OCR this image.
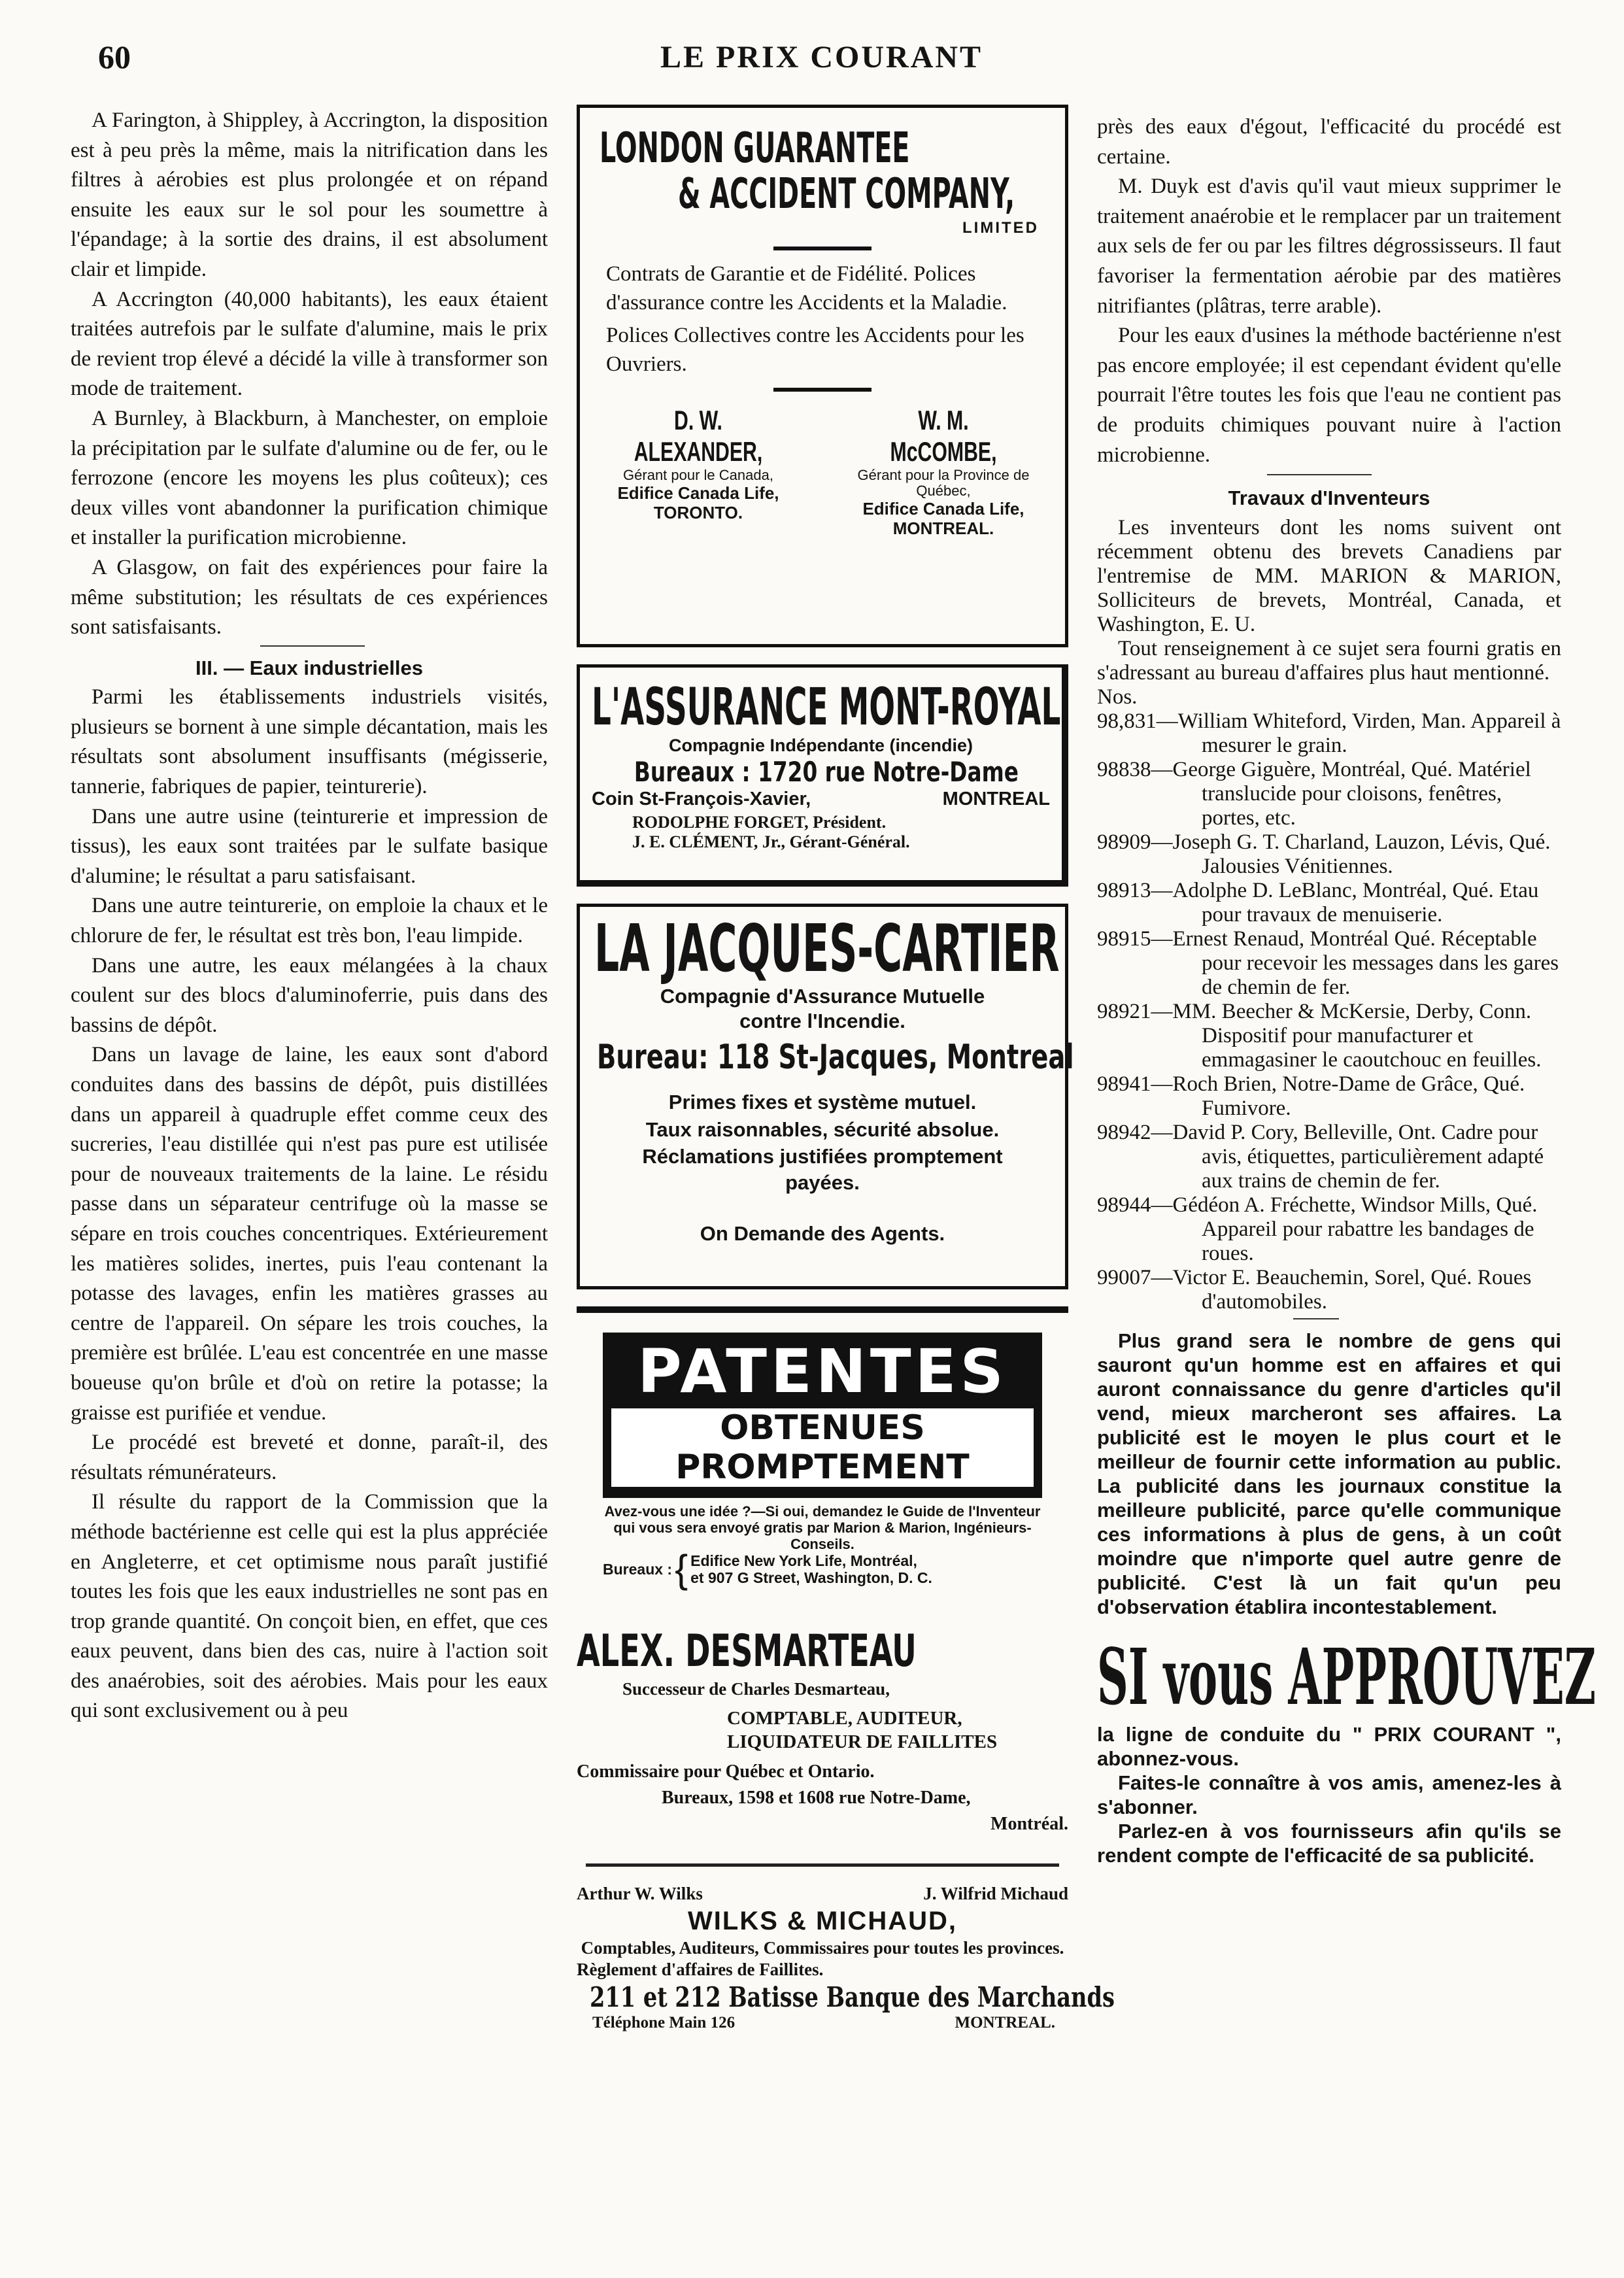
60	LE PRIX COURANT

A Farington, à Shippley, à Accrington, la disposition est à peu près la même, mais la nitrification dans les filtres à aérobies est plus prolongée et on répand ensuite les eaux sur le sol pour les soumettre à l'épandage; à la sortie des drains, il est absolument clair et limpide.

A Accrington (40,000 habitants), les eaux étaient traitées autrefois par le sulfate d'alumine, mais le prix de revient trop élevé a décidé la ville à transformer son mode de traitement.

A Burnley, à Blackburn, à Manchester, on emploie la précipitation par le sulfate d'alumine ou de fer, ou le ferrozone (encore les moyens les plus coûteux); ces deux villes vont abandonner la purification chimique et installer la purification microbienne.

A Glasgow, on fait des expériences pour faire la même substitution; les résultats de ces expériences sont satisfaisants.

III. — Eaux industrielles

Parmi les établissements industriels visités, plusieurs se bornent à une simple décantation, mais les résultats sont absolument insuffisants (mégisserie, tannerie, fabriques de papier, teinturerie).

Dans une autre usine (teinturerie et impression de tissus), les eaux sont traitées par le sulfate basique d'alumine; le résultat a paru satisfaisant.

Dans une autre teinturerie, on emploie la chaux et le chlorure de fer, le résultat est très bon, l'eau limpide.

Dans une autre, les eaux mélangées à la chaux coulent sur des blocs d'aluminoferrie, puis dans des bassins de dépôt.

Dans un lavage de laine, les eaux sont d'abord conduites dans des bassins de dépôt, puis distillées dans un appareil à quadruple effet comme ceux des sucreries, l'eau distillée qui n'est pas pure est utilisée pour de nouveaux traitements de la laine. Le résidu passe dans un séparateur centrifuge où la masse se sépare en trois couches concentriques. Extérieurement les matières solides, inertes, puis l'eau contenant la potasse des lavages, enfin les matières grasses au centre de l'appareil. On sépare les trois couches, la première est brûlée. L'eau est concentrée en une masse boueuse qu'on brûle et d'où on retire la potasse; la graisse est purifiée et vendue.

Le procédé est breveté et donne, paraît-il, des résultats rémunérateurs.

Il résulte du rapport de la Commission que la méthode bactérienne est celle qui est la plus appréciée en Angleterre, et cet optimisme nous paraît justifié toutes les fois que les eaux industrielles ne sont pas en trop grande quantité. On conçoit bien, en effet, que ces eaux peuvent, dans bien des cas, nuire à l'action soit des anaérobies, soit des aérobies. Mais pour les eaux qui sont exclusivement ou à peu

LONDON GUARANTEE
& ACCIDENT COMPANY,
LIMITED

Contrats de Garantie et de Fidélité. Polices d'assurance contre les Accidents et la Maladie.

Polices Collectives contre les Accidents pour les Ouvriers.

D. W. ALEXANDER,
Gérant pour le Canada,
Edifice Canada Life,
TORONTO.
W. M. McCOMBE,
Gérant pour la Province de Québec,
Edifice Canada Life,
MONTREAL.
L'ASSURANCE MONT-ROYAL
Compagnie Indépendante (incendie)
Bureaux : 1720 rue Notre-Dame
Coin St-François-Xavier,	MONTREAL
RODOLPHE FORGET, Président.
J. E. CLÉMENT, Jr., Gérant-Général.
LA JACQUES-CARTIER
Compagnie d'Assurance Mutuelle contre l'Incendie.
Bureau: 118 St-Jacques, Montreal
Primes fixes et système mutuel.
Taux raisonnables, sécurité absolue.
Réclamations justifiées promptement payées.
On Demande des Agents.
PATENTES
OBTENUES PROMPTEMENT
Avez-vous une idée ?—Si oui, demandez le Guide de l'Inventeur qui vous sera envoyé gratis par Marion & Marion, Ingénieurs-Conseils.
Bureaux : { Edifice New York Life, Montréal,
et 907 G Street, Washington, D. C.
ALEX. DESMARTEAU
Successeur de Charles Desmarteau,
COMPTABLE, AUDITEUR,
LIQUIDATEUR DE FAILLITES
Commissaire pour Québec et Ontario.
Bureaux, 1598 et 1608 rue Notre-Dame,
Montréal.
Arthur W. Wilks	J. Wilfrid Michaud
WILKS & MICHAUD,
Comptables, Auditeurs, Commissaires pour toutes les provinces.
Règlement d'affaires de Faillites.
211 et 212 Batisse Banque des Marchands
Téléphone Main 126	MONTREAL.

près des eaux d'égout, l'efficacité du procédé est certaine.

M. Duyk est d'avis qu'il vaut mieux supprimer le traitement anaérobie et le remplacer par un traitement aux sels de fer ou par les filtres dégrossisseurs. Il faut favoriser la fermentation aérobie par des matières nitrifiantes (plâtras, terre arable).

Pour les eaux d'usines la méthode bactérienne n'est pas encore employée; il est cependant évident qu'elle pourrait l'être toutes les fois que l'eau ne contient pas de produits chimiques pouvant nuire à l'action microbienne.

Travaux d'Inventeurs

Les inventeurs dont les noms suivent ont récemment obtenu des brevets Canadiens par l'entremise de MM. MARION & MARION, Solliciteurs de brevets, Montréal, Canada, et Washington, E. U.

Tout renseignement à ce sujet sera fourni gratis en s'adressant au bureau d'affaires plus haut mentionné.

Nos.

98,831—William Whiteford, Virden, Man. Appareil à mesurer le grain.

98838—George Giguère, Montréal, Qué. Matériel translucide pour cloisons, fenêtres, portes, etc.

98909—Joseph G. T. Charland, Lauzon, Lévis, Qué. Jalousies Vénitiennes.

98913—Adolphe D. LeBlanc, Montréal, Qué. Etau pour travaux de menuiserie.

98915—Ernest Renaud, Montréal Qué. Réceptable pour recevoir les messages dans les gares de chemin de fer.

98921—MM. Beecher & McKersie, Derby, Conn. Dispositif pour manufacturer et emmagasiner le caoutchouc en feuilles.

98941—Roch Brien, Notre-Dame de Grâce, Qué. Fumivore.

98942—David P. Cory, Belleville, Ont. Cadre pour avis, étiquettes, particulièrement adapté aux trains de chemin de fer.

98944—Gédéon A. Fréchette, Windsor Mills, Qué. Appareil pour rabattre les bandages de roues.

99007—Victor E. Beauchemin, Sorel, Qué. Roues d'automobiles.

Plus grand sera le nombre de gens qui sauront qu'un homme est en affaires et qui auront connaissance du genre d'articles qu'il vend, mieux marcheront ses affaires. La publicité est le moyen le plus court et le meilleur de fournir cette information au public. La publicité dans les journaux constitue la meilleure publicité, parce qu'elle communique ces informations à plus de gens, à un coût moindre que n'importe quel autre genre de publicité. C'est là un fait qu'un peu d'observation établira incontestablement.

SI vous APPROUVEZ

la ligne de conduite du " PRIX COURANT ", abonnez-vous.

Faites-le connaître à vos amis, amenez-les à s'abonner.

Parlez-en à vos fournisseurs afin qu'ils se rendent compte de l'efficacité de sa publicité.
